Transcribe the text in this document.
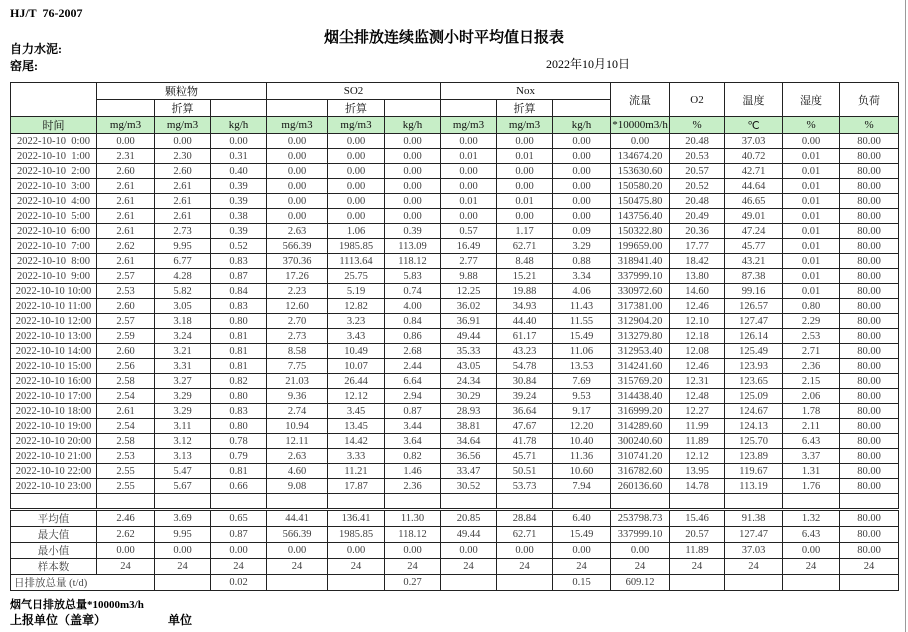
HJ/T  76-2007
烟尘排放连续监测小时平均值日报表
自力水泥:
窑尾:	2022年10月10日
	颗粒物			SO2			Nox			流量	O2	温度	湿度	负荷
		折算			折算			折算						
时间	mg/m3	mg/m3	kg/h	mg/m3	mg/m3	kg/h	mg/m3	mg/m3	kg/h	*10000m3/h	%	℃	%	%
2022-10-10  0:00	0.00	0.00	0.00	0.00	0.00	0.00	0.00	0.00	0.00	0.00	20.48	37.03	0.00	80.00
2022-10-10  1:00	2.31	2.30	0.31	0.00	0.00	0.00	0.01	0.01	0.00	134674.20	20.53	40.72	0.01	80.00
2022-10-10  2:00	2.60	2.60	0.40	0.00	0.00	0.00	0.00	0.00	0.00	153630.60	20.57	42.71	0.01	80.00
2022-10-10  3:00	2.61	2.61	0.39	0.00	0.00	0.00	0.00	0.00	0.00	150580.20	20.52	44.64	0.01	80.00
2022-10-10  4:00	2.61	2.61	0.39	0.00	0.00	0.00	0.01	0.01	0.00	150475.80	20.48	46.65	0.01	80.00
2022-10-10  5:00	2.61	2.61	0.38	0.00	0.00	0.00	0.00	0.00	0.00	143756.40	20.49	49.01	0.01	80.00
2022-10-10  6:00	2.61	2.73	0.39	2.63	1.06	0.39	0.57	1.17	0.09	150322.80	20.36	47.24	0.01	80.00
2022-10-10  7:00	2.62	9.95	0.52	566.39	1985.85	113.09	16.49	62.71	3.29	199659.00	17.77	45.77	0.01	80.00
2022-10-10  8:00	2.61	6.77	0.83	370.36	1113.64	118.12	2.77	8.48	0.88	318941.40	18.42	43.21	0.01	80.00
2022-10-10  9:00	2.57	4.28	0.87	17.26	25.75	5.83	9.88	15.21	3.34	337999.10	13.80	87.38	0.01	80.00
2022-10-10 10:00	2.53	5.82	0.84	2.23	5.19	0.74	12.25	19.88	4.06	330972.60	14.60	99.16	0.01	80.00
2022-10-10 11:00	2.60	3.05	0.83	12.60	12.82	4.00	36.02	34.93	11.43	317381.00	12.46	126.57	0.80	80.00
2022-10-10 12:00	2.57	3.18	0.80	2.70	3.23	0.84	36.91	44.40	11.55	312904.20	12.10	127.47	2.29	80.00
2022-10-10 13:00	2.59	3.24	0.81	2.73	3.43	0.86	49.44	61.17	15.49	313279.80	12.18	126.14	2.53	80.00
2022-10-10 14:00	2.60	3.21	0.81	8.58	10.49	2.68	35.33	43.23	11.06	312953.40	12.08	125.49	2.71	80.00
2022-10-10 15:00	2.56	3.31	0.81	7.75	10.07	2.44	43.05	54.78	13.53	314241.60	12.46	123.93	2.36	80.00
2022-10-10 16:00	2.58	3.27	0.82	21.03	26.44	6.64	24.34	30.84	7.69	315769.20	12.31	123.65	2.15	80.00
2022-10-10 17:00	2.54	3.29	0.80	9.36	12.12	2.94	30.29	39.24	9.53	314438.40	12.48	125.09	2.06	80.00
2022-10-10 18:00	2.61	3.29	0.83	2.74	3.45	0.87	28.93	36.64	9.17	316999.20	12.27	124.67	1.78	80.00
2022-10-10 19:00	2.54	3.11	0.80	10.94	13.45	3.44	38.81	47.67	12.20	314289.60	11.99	124.13	2.11	80.00
2022-10-10 20:00	2.58	3.12	0.78	12.11	14.42	3.64	34.64	41.78	10.40	300240.60	11.89	125.70	6.43	80.00
2022-10-10 21:00	2.53	3.13	0.79	2.63	3.33	0.82	36.56	45.71	11.36	310741.20	12.12	123.89	3.37	80.00
2022-10-10 22:00	2.55	5.47	0.81	4.60	11.21	1.46	33.47	50.51	10.60	316782.60	13.95	119.67	1.31	80.00
2022-10-10 23:00	2.55	5.67	0.66	9.08	17.87	2.36	30.52	53.73	7.94	260136.60	14.78	113.19	1.76	80.00

平均值	2.46	3.69	0.65	44.41	136.41	11.30	20.85	28.84	6.40	253798.73	15.46	91.38	1.32	80.00
最大值	2.62	9.95	0.87	566.39	1985.85	118.12	49.44	62.71	15.49	337999.10	20.57	127.47	6.43	80.00
最小值	0.00	0.00	0.00	0.00	0.00	0.00	0.00	0.00	0.00	0.00	11.89	37.03	0.00	80.00
样本数	24	24	24	24	24	24	24	24	24	24	24	24	24	24
日排放总量 (t/d)			0.02			0.27			0.15	609.12				
烟气日排放总量*10000m3/h
上报单位（盖章）	单位
